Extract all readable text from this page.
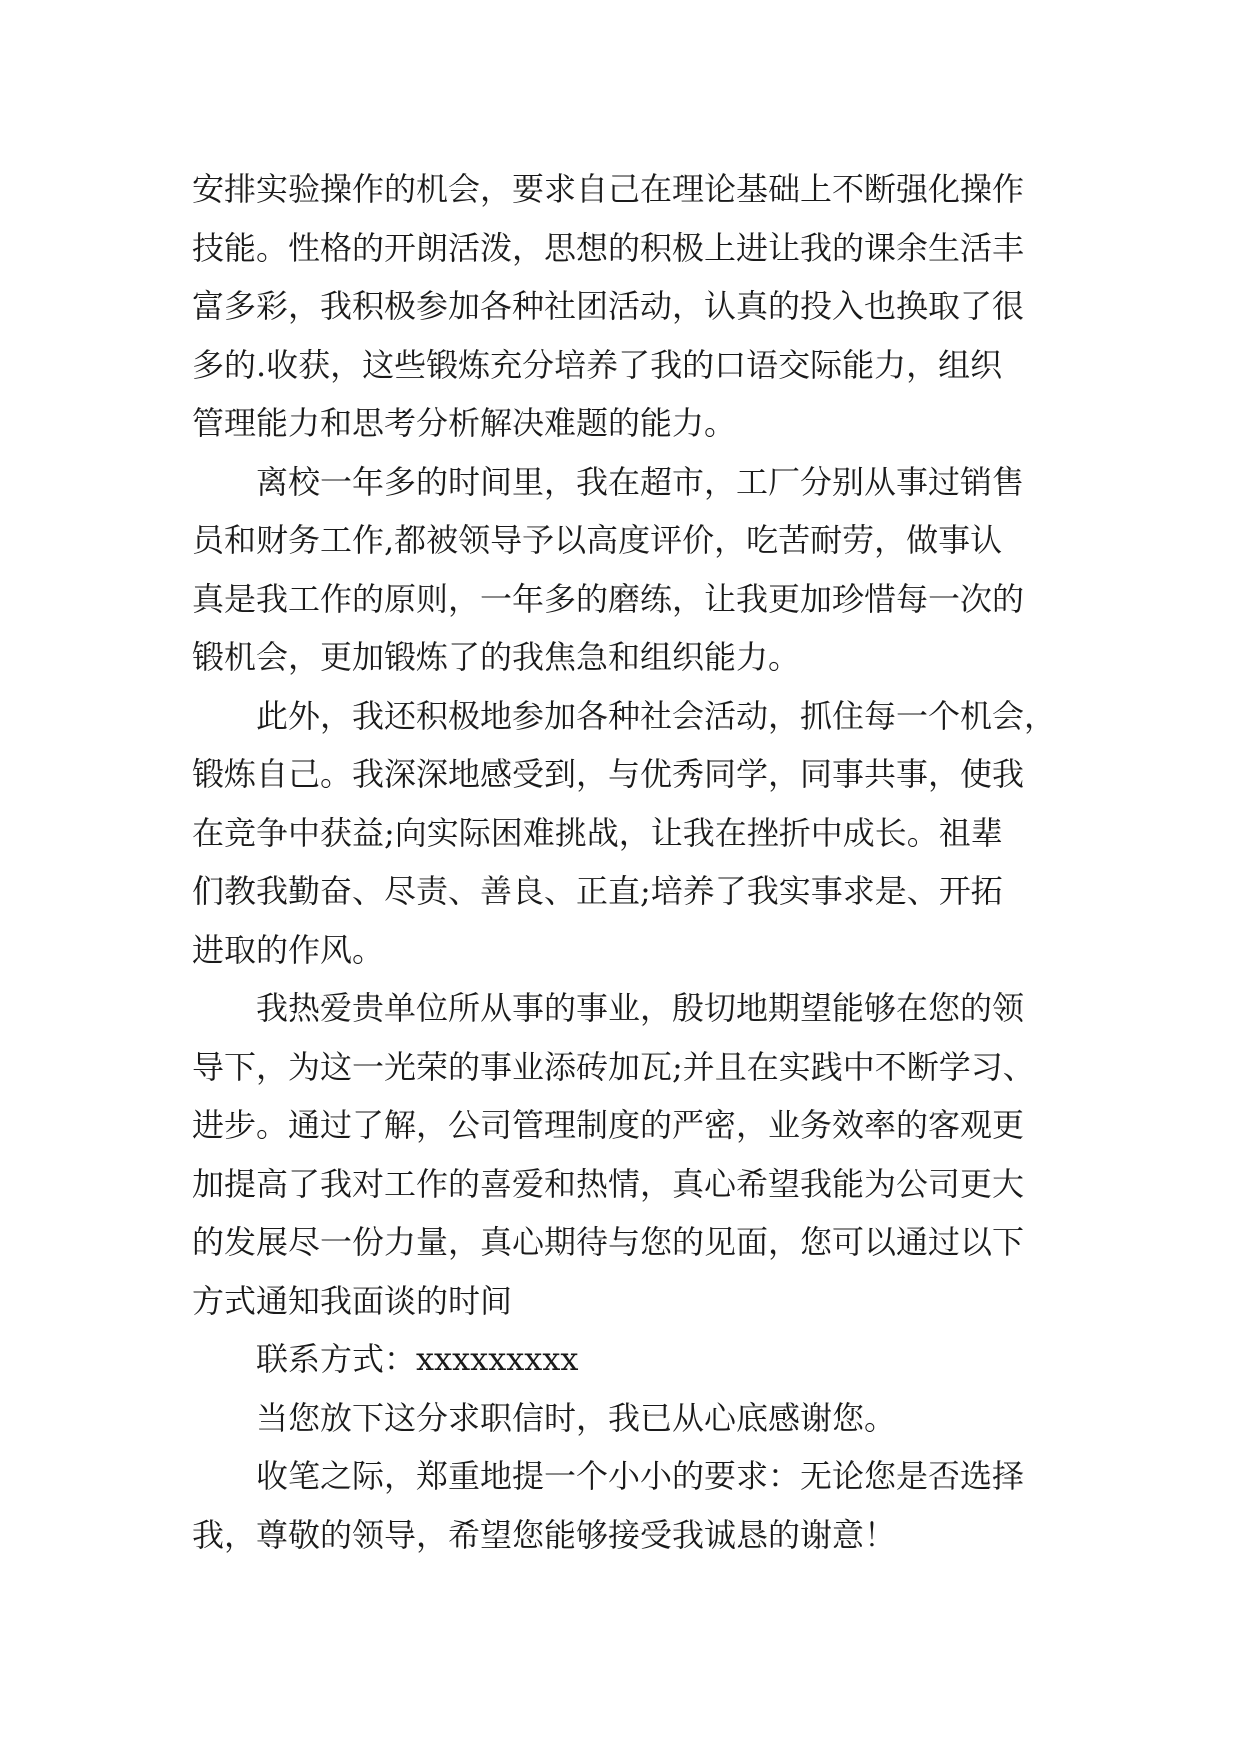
安排实验操作的机会，要求自己在理论基础上不断强化操作
技能。性格的开朗活泼，思想的积极上进让我的课余生活丰
富多彩，我积极参加各种社团活动，认真的投入也换取了很
多的.收获，这些锻炼充分培养了我的口语交际能力，组织
管理能力和思考分析解决难题的能力。
离校一年多的时间里，我在超市，工厂分别从事过销售
员和财务工作,都被领导予以高度评价，吃苦耐劳，做事认
真是我工作的原则，一年多的磨练，让我更加珍惜每一次的
锻机会，更加锻炼了的我焦急和组织能力。
此外，我还积极地参加各种社会活动，抓住每一个机会，
锻炼自己。我深深地感受到，与优秀同学，同事共事，使我
在竞争中获益;向实际困难挑战，让我在挫折中成长。祖辈
们教我勤奋、尽责、善良、正直;培养了我实事求是、开拓
进取的作风。
我热爱贵单位所从事的事业，殷切地期望能够在您的领
导下，为这一光荣的事业添砖加瓦;并且在实践中不断学习、
进步。通过了解，公司管理制度的严密，业务效率的客观更
加提高了我对工作的喜爱和热情，真心希望我能为公司更大
的发展尽一份力量，真心期待与您的见面，您可以通过以下
方式通知我面谈的时间
联系方式：xxxxxxxxx
当您放下这分求职信时，我已从心底感谢您。
收笔之际，郑重地提一个小小的要求：无论您是否选择
我，尊敬的领导，希望您能够接受我诚恳的谢意！
